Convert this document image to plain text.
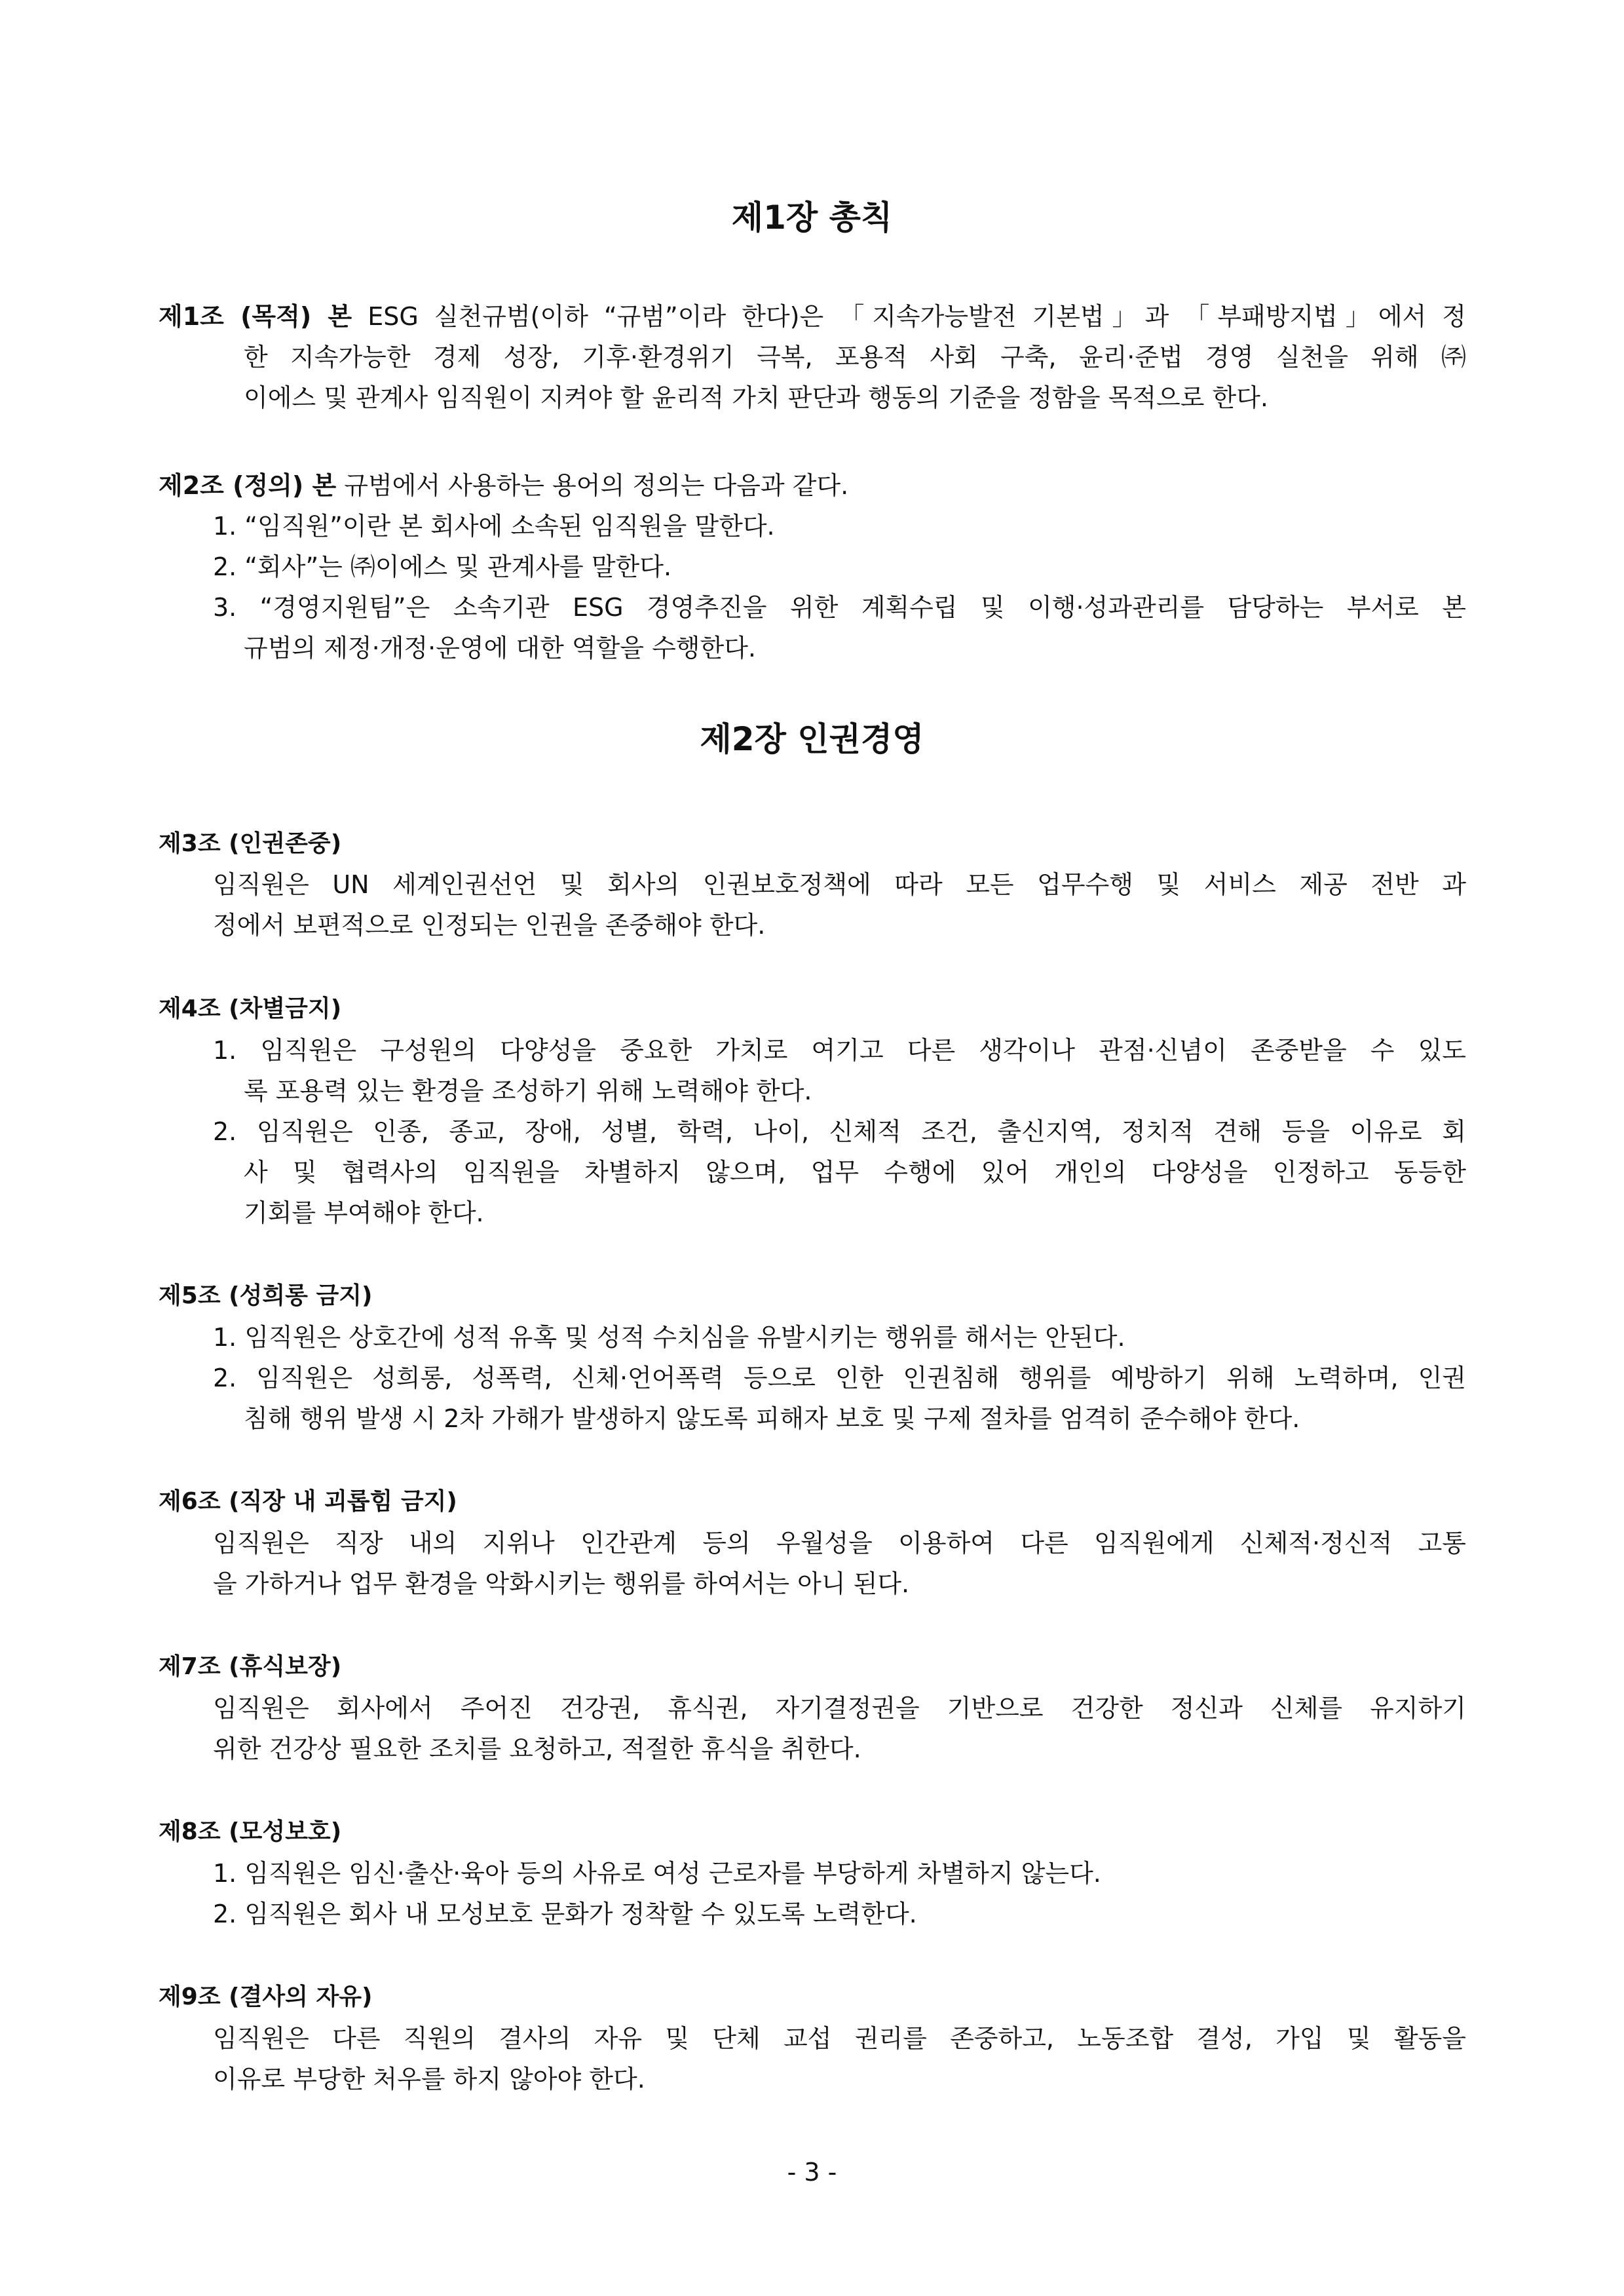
제1장 총칙
제1조 (목적) 본 ESG 실천규범(이하 “규범”이라 한다)은 「지속가능발전 기본법」과 「부패방지법」에서 정
한 지속가능한 경제 성장, 기후·환경위기 극복, 포용적 사회 구축, 윤리·준법 경영 실천을 위해 ㈜
이에스 및 관계사 임직원이 지켜야 할 윤리적 가치 판단과 행동의 기준을 정함을 목적으로 한다.
제2조 (정의) 본 규범에서 사용하는 용어의 정의는 다음과 같다.
1. “임직원”이란 본 회사에 소속된 임직원을 말한다.
2. “회사”는 ㈜이에스 및 관계사를 말한다.
3. “경영지원팀”은 소속기관 ESG 경영추진을 위한 계획수립 및 이행·성과관리를 담당하는 부서로 본
규범의 제정·개정·운영에 대한 역할을 수행한다.
제2장 인권경영
제3조 (인권존중)
임직원은 UN 세계인권선언 및 회사의 인권보호정책에 따라 모든 업무수행 및 서비스 제공 전반 과
정에서 보편적으로 인정되는 인권을 존중해야 한다.
제4조 (차별금지)
1. 임직원은 구성원의 다양성을 중요한 가치로 여기고 다른 생각이나 관점·신념이 존중받을 수 있도
록 포용력 있는 환경을 조성하기 위해 노력해야 한다.
2. 임직원은 인종, 종교, 장애, 성별, 학력, 나이, 신체적 조건, 출신지역, 정치적 견해 등을 이유로 회
사 및 협력사의 임직원을 차별하지 않으며, 업무 수행에 있어 개인의 다양성을 인정하고 동등한
기회를 부여해야 한다.
제5조 (성희롱 금지)
1. 임직원은 상호간에 성적 유혹 및 성적 수치심을 유발시키는 행위를 해서는 안된다.
2. 임직원은 성희롱, 성폭력, 신체·언어폭력 등으로 인한 인권침해 행위를 예방하기 위해 노력하며, 인권
침해 행위 발생 시 2차 가해가 발생하지 않도록 피해자 보호 및 구제 절차를 엄격히 준수해야 한다.
제6조 (직장 내 괴롭힘 금지)
임직원은 직장 내의 지위나 인간관계 등의 우월성을 이용하여 다른 임직원에게 신체적·정신적 고통
을 가하거나 업무 환경을 악화시키는 행위를 하여서는 아니 된다.
제7조 (휴식보장)
임직원은 회사에서 주어진 건강권, 휴식권, 자기결정권을 기반으로 건강한 정신과 신체를 유지하기
위한 건강상 필요한 조치를 요청하고, 적절한 휴식을 취한다.
제8조 (모성보호)
1. 임직원은 임신·출산·육아 등의 사유로 여성 근로자를 부당하게 차별하지 않는다.
2. 임직원은 회사 내 모성보호 문화가 정착할 수 있도록 노력한다.
제9조 (결사의 자유)
임직원은 다른 직원의 결사의 자유 및 단체 교섭 권리를 존중하고, 노동조합 결성, 가입 및 활동을
이유로 부당한 처우를 하지 않아야 한다.
- 3 -
